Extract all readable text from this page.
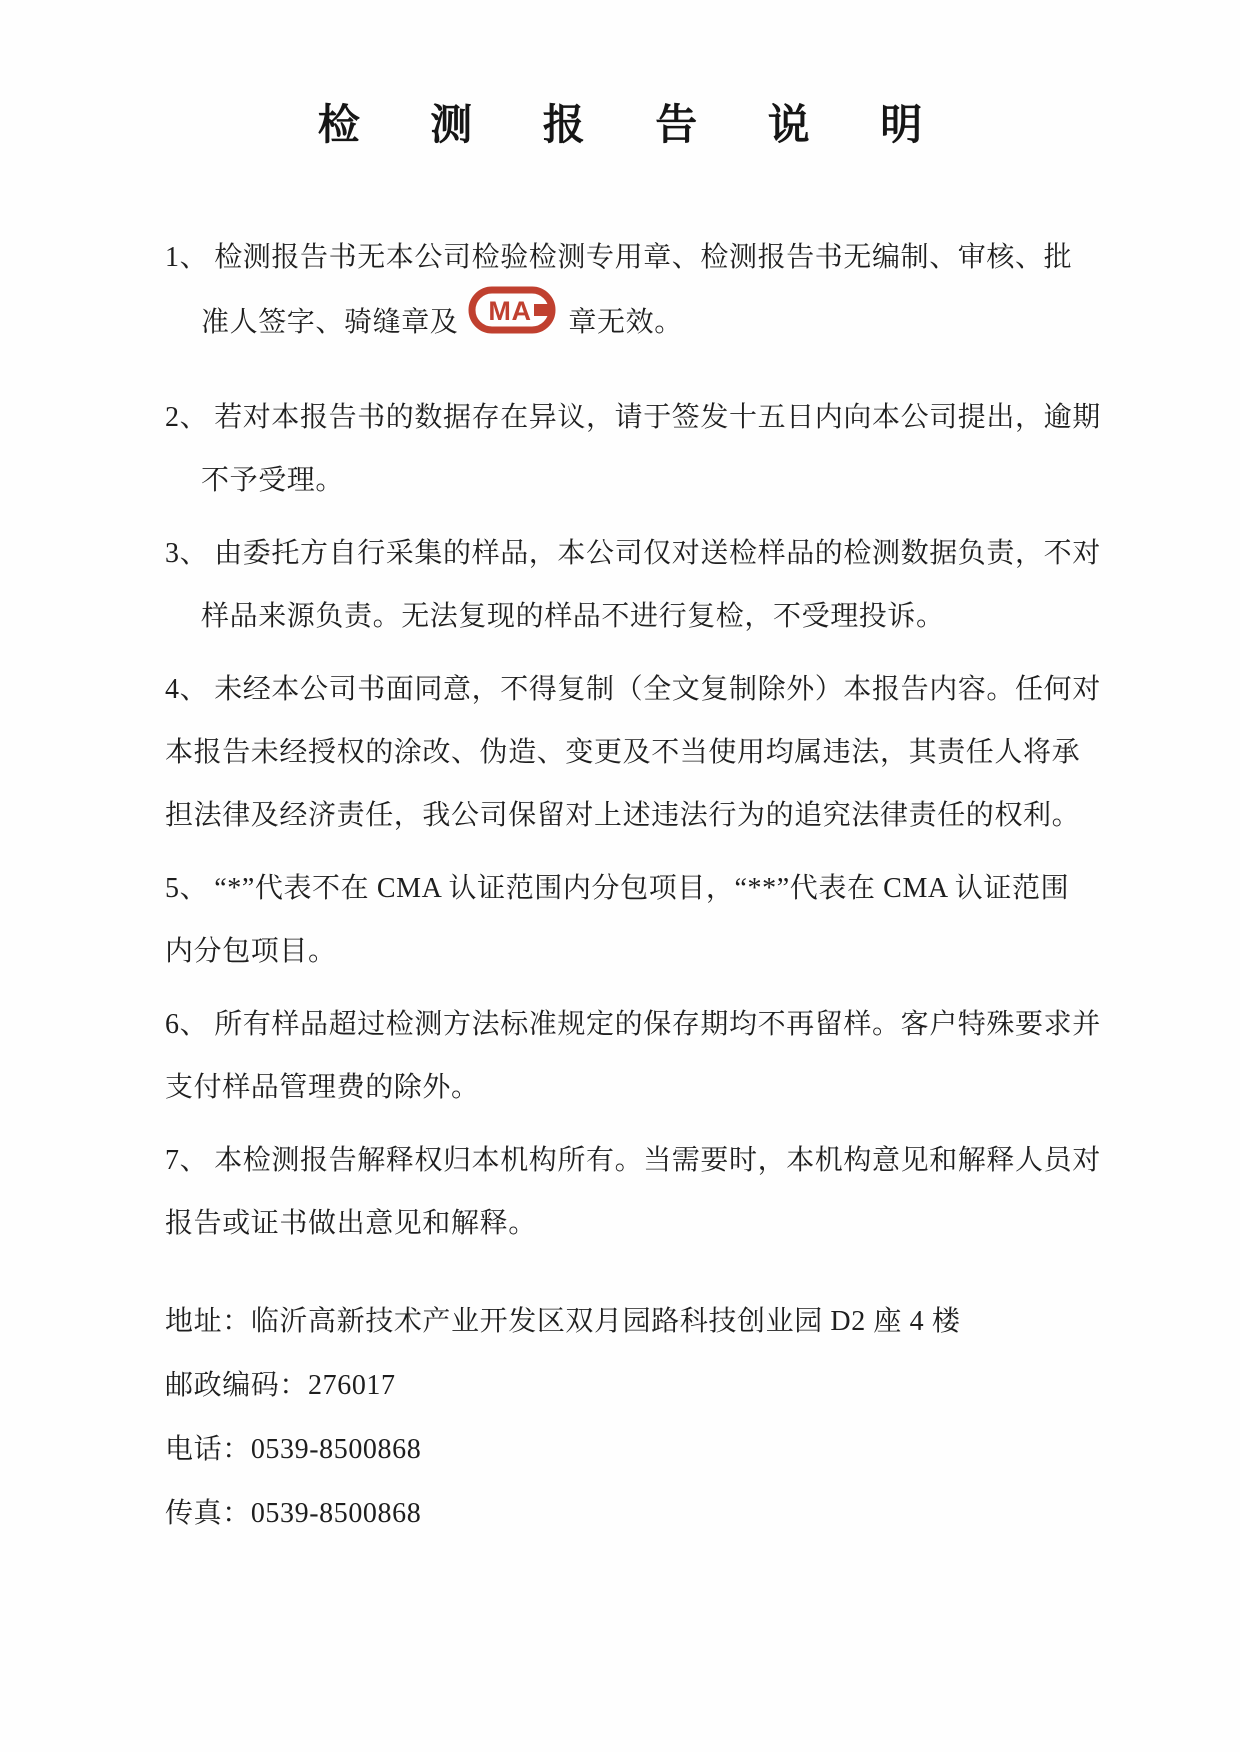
检 测 报 告 说 明
1、 检测报告书无本公司检验检测专用章、检测报告书无编制、审核、批
准人签字、骑缝章及 MA 章无效。
2、 若对本报告书的数据存在异议，请于签发十五日内向本公司提出，逾期
不予受理。
3、 由委托方自行采集的样品，本公司仅对送检样品的检测数据负责，不对
样品来源负责。无法复现的样品不进行复检，不受理投诉。
4、 未经本公司书面同意，不得复制（全文复制除外）本报告内容。任何对
本报告未经授权的涂改、伪造、变更及不当使用均属违法，其责任人将承
担法律及经济责任，我公司保留对上述违法行为的追究法律责任的权利。
5、 “*”代表不在 CMA 认证范围内分包项目，“**”代表在 CMA 认证范围
内分包项目。
6、 所有样品超过检测方法标准规定的保存期均不再留样。客户特殊要求并
支付样品管理费的除外。
7、 本检测报告解释权归本机构所有。当需要时，本机构意见和解释人员对
报告或证书做出意见和解释。
地址：临沂高新技术产业开发区双月园路科技创业园 D2 座 4 楼
邮政编码：276017
电话：0539-8500868
传真：0539-8500868
